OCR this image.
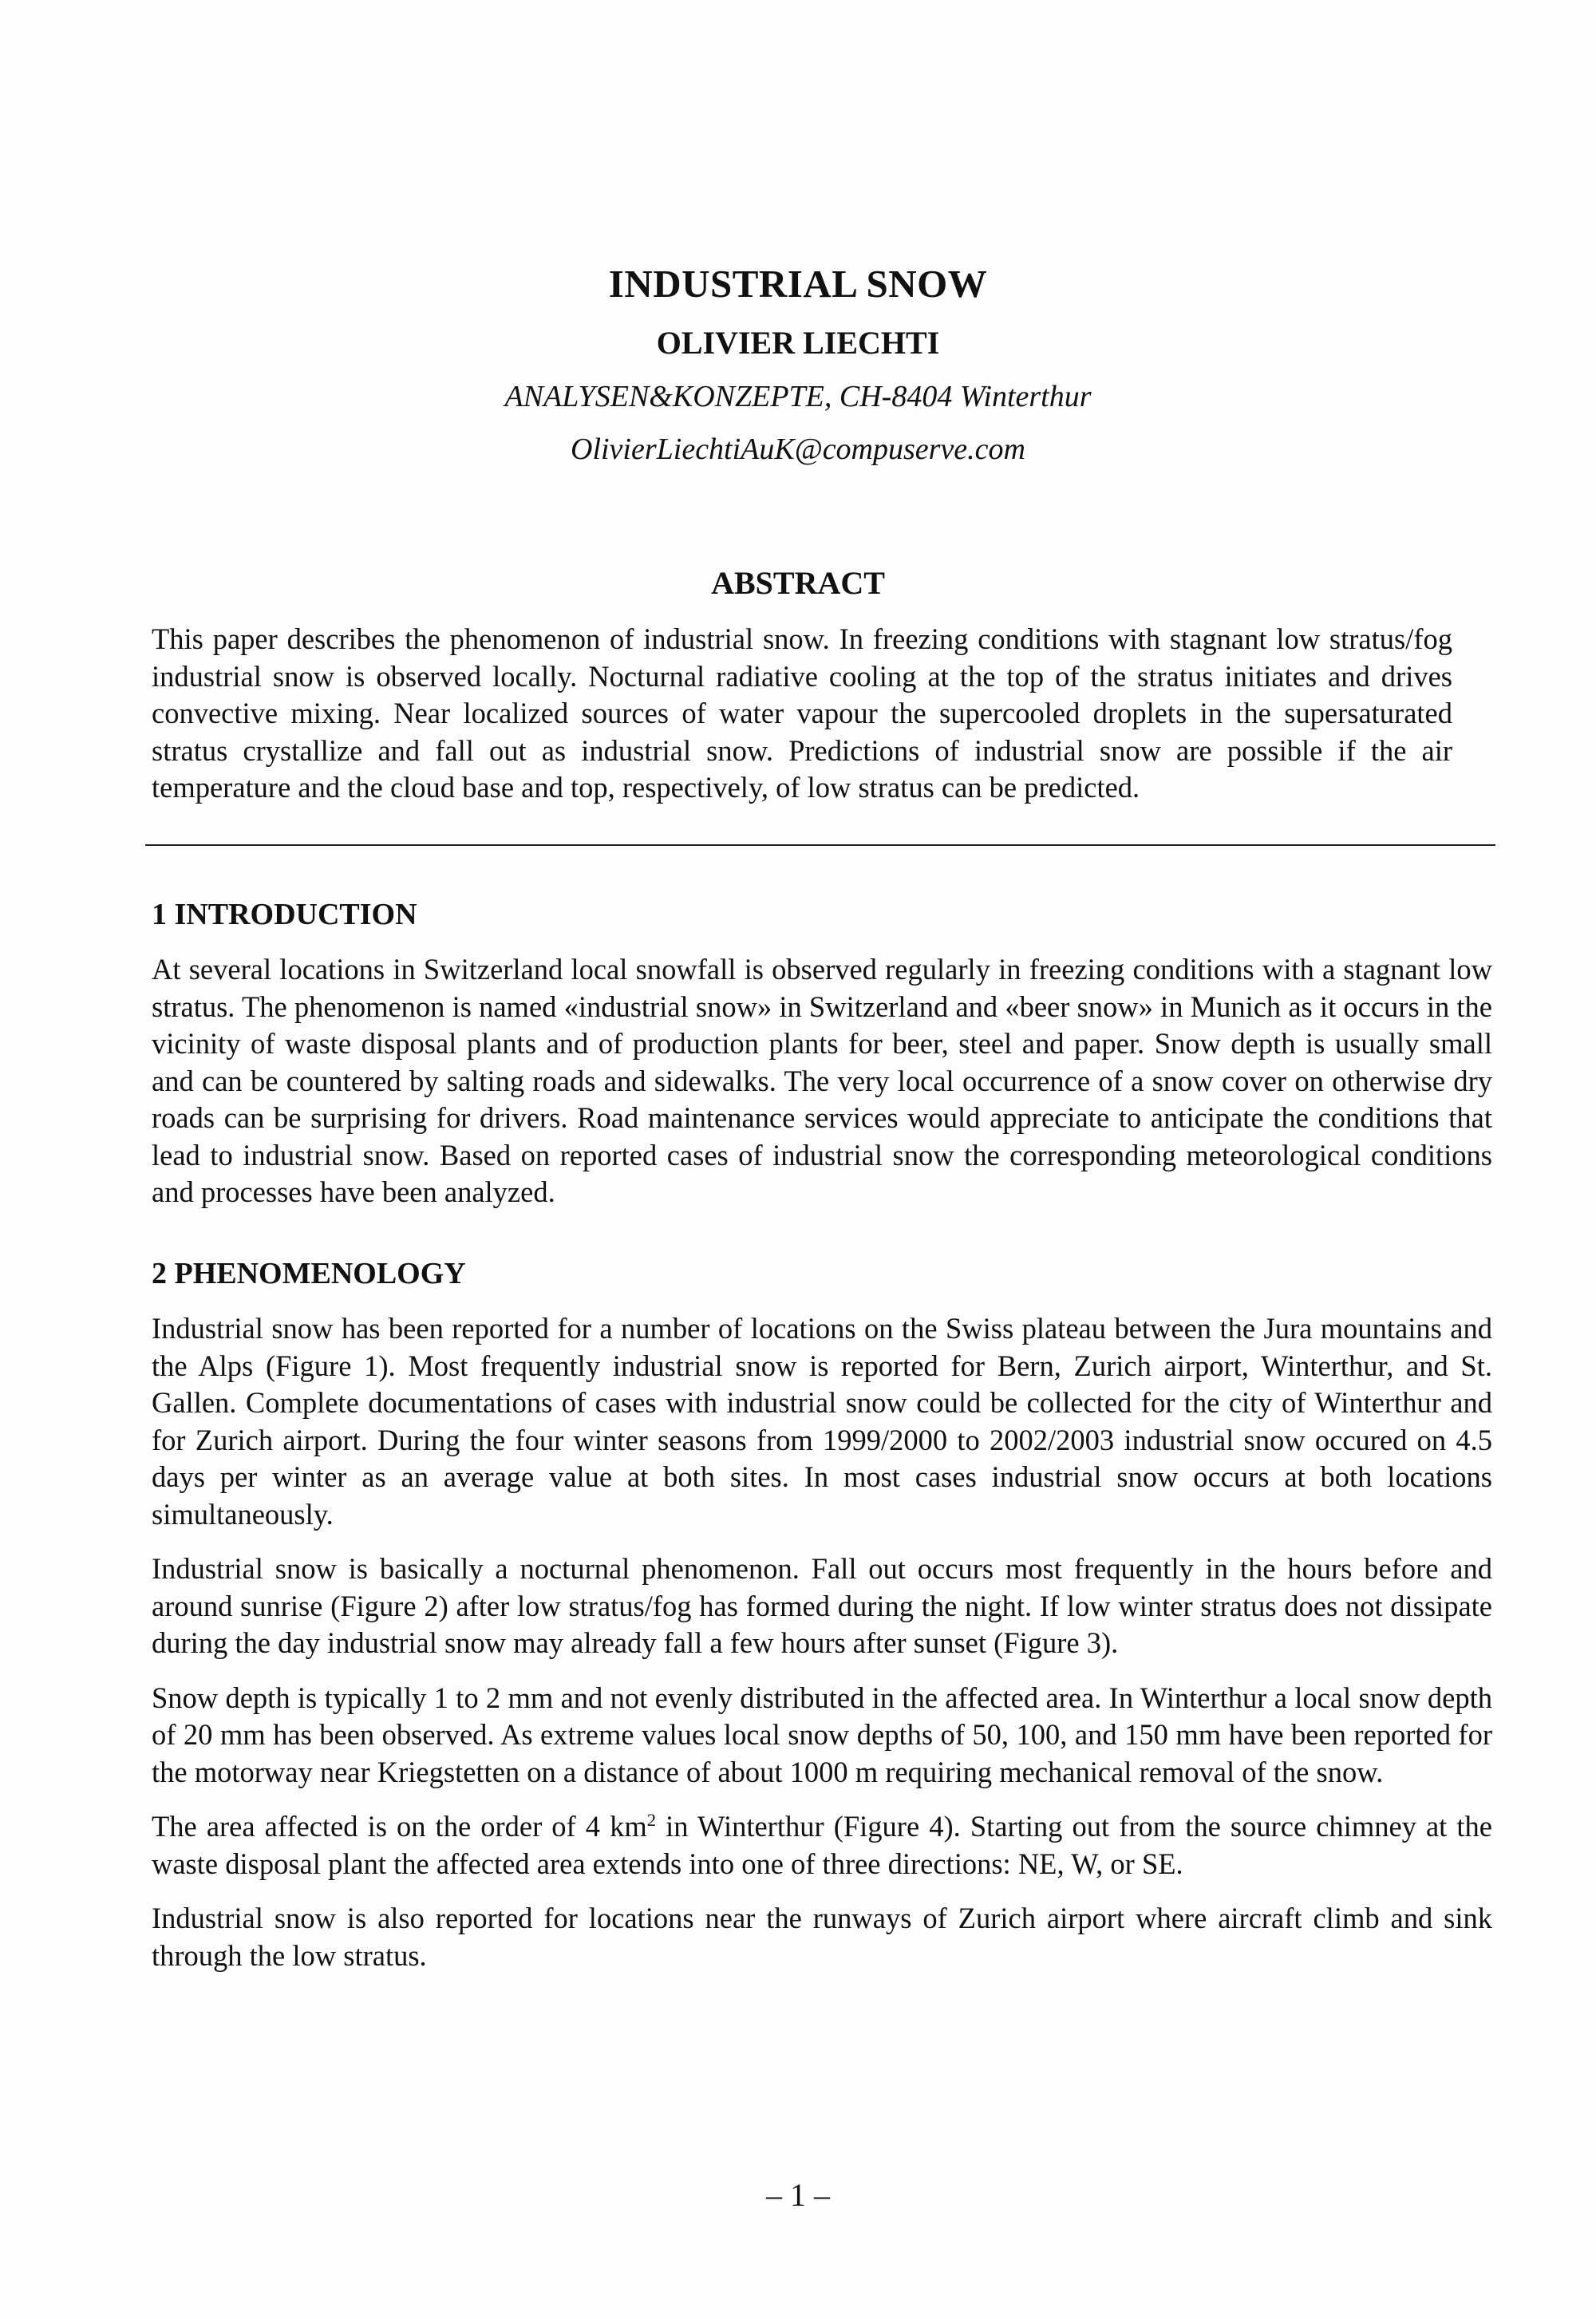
INDUSTRIAL SNOW
OLIVIER LIECHTI
ANALYSEN&KONZEPTE, CH-8404 Winterthur
OlivierLiechtiAuK@compuserve.com
ABSTRACT

This paper describes the phenomenon of industrial snow. In freezing conditions with stagnant low stratus/fog industrial snow is observed locally. Nocturnal radiative cooling at the top of the stratus initiates and drives convective mixing. Near localized sources of water vapour the supercooled droplets in the supersaturated stratus crystallize and fall out as industrial snow. Predictions of industrial snow are possible if the air temperature and the cloud base and top, respectively, of low stratus can be predicted.

1 INTRODUCTION

At several locations in Switzerland local snowfall is observed regularly in freezing conditions with a stagnant low stratus. The phenomenon is named «industrial snow» in Switzerland and «beer snow» in Munich as it occurs in the vicinity of waste disposal plants and of production plants for beer, steel and paper. Snow depth is usually small and can be countered by salting roads and sidewalks. The very local occurrence of a snow cover on otherwise dry roads can be surprising for drivers. Road maintenance services would appreciate to anticipate the conditions that lead to industrial snow. Based on reported cases of industrial snow the corresponding meteorological conditions and processes have been analyzed.

2 PHENOMENOLOGY

Industrial snow has been reported for a number of locations on the Swiss plateau between the Jura mountains and the Alps (Figure 1). Most frequently industrial snow is reported for Bern, Zurich airport, Winterthur, and St. Gallen. Complete documentations of cases with industrial snow could be collected for the city of Winterthur and for Zurich airport. During the four winter seasons from 1999/2000 to 2002/2003 industrial snow occured on 4.5 days per winter as an average value at both sites. In most cases industrial snow occurs at both locations simultaneously.

Industrial snow is basically a nocturnal phenomenon. Fall out occurs most frequently in the hours before and around sunrise (Figure 2) after low stratus/fog has formed during the night. If low winter stratus does not dissipate during the day industrial snow may already fall a few hours after sunset (Figure 3).

Snow depth is typically 1 to 2 mm and not evenly distributed in the affected area. In Winterthur a local snow depth of 20 mm has been observed. As extreme values local snow depths of 50, 100, and 150 mm have been reported for the motorway near Kriegstetten on a distance of about 1000 m requiring mechanical removal of the snow.

The area affected is on the order of 4 $km^2$ in Winterthur (Figure 4). Starting out from the source chimney at the waste disposal plant the affected area extends into one of three directions: NE, W, or SE.

Industrial snow is also reported for locations near the runways of Zurich airport where aircraft climb and sink through the low stratus.

– 1 –
